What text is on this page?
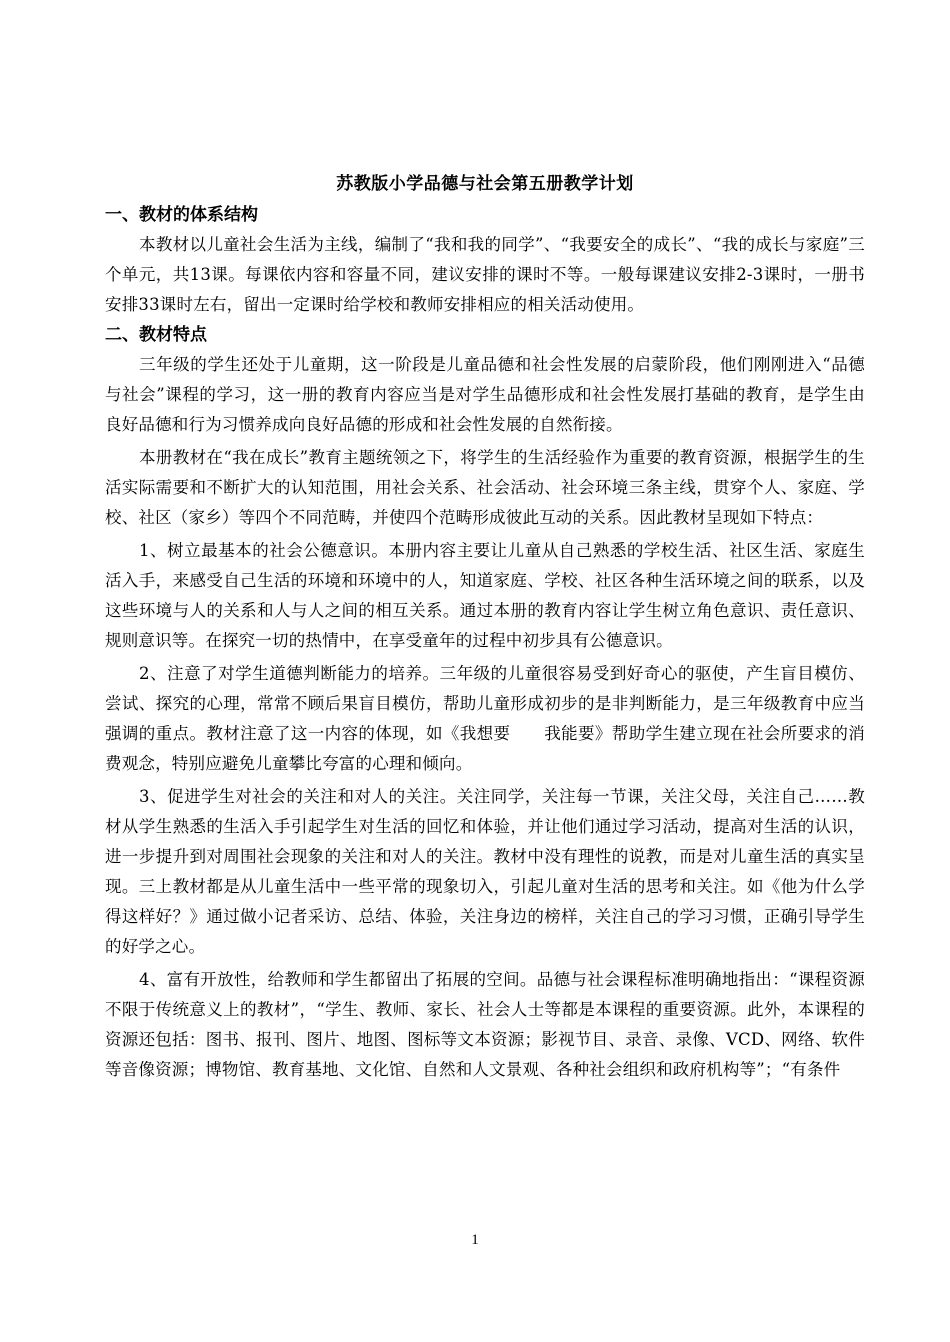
苏教版小学品德与社会第五册教学计划
一、教材的体系结构

本教材以儿童社会生活为主线，编制了“我和我的同学”、“我要安全的成长”、“我的成长与家庭”三个单元，共13课。每课依内容和容量不同，建议安排的课时不等。一般每课建议安排2-3课时，一册书安排33课时左右，留出一定课时给学校和教师安排相应的相关活动使用。

二、教材特点

三年级的学生还处于儿童期，这一阶段是儿童品德和社会性发展的启蒙阶段，他们刚刚进入“品德与社会”课程的学习，这一册的教育内容应当是对学生品德形成和社会性发展打基础的教育，是学生由良好品德和行为习惯养成向良好品德的形成和社会性发展的自然衔接。

本册教材在“我在成长”教育主题统领之下，将学生的生活经验作为重要的教育资源，根据学生的生活实际需要和不断扩大的认知范围，用社会关系、社会活动、社会环境三条主线，贯穿个人、家庭、学校、社区（家乡）等四个不同范畴，并使四个范畴形成彼此互动的关系。因此教材呈现如下特点：

1、树立最基本的社会公德意识。本册内容主要让儿童从自己熟悉的学校生活、社区生活、家庭生活入手，来感受自己生活的环境和环境中的人，知道家庭、学校、社区各种生活环境之间的联系，以及这些环境与人的关系和人与人之间的相互关系。通过本册的教育内容让学生树立角色意识、责任意识、规则意识等。在探究一切的热情中，在享受童年的过程中初步具有公德意识。

2、注意了对学生道德判断能力的培养。三年级的儿童很容易受到好奇心的驱使，产生盲目模仿、尝试、探究的心理，常常不顾后果盲目模仿，帮助儿童形成初步的是非判断能力，是三年级教育中应当强调的重点。教材注意了这一内容的体现，如《我想要　　我能要》帮助学生建立现在社会所要求的消费观念，特别应避免儿童攀比夸富的心理和倾向。

3、促进学生对社会的关注和对人的关注。关注同学，关注每一节课，关注父母，关注自己……教材从学生熟悉的生活入手引起学生对生活的回忆和体验，并让他们通过学习活动，提高对生活的认识，进一步提升到对周围社会现象的关注和对人的关注。教材中没有理性的说教，而是对儿童生活的真实呈现。三上教材都是从儿童生活中一些平常的现象切入，引起儿童对生活的思考和关注。如《他为什么学得这样好？》通过做小记者采访、总结、体验，关注身边的榜样，关注自己的学习习惯，正确引导学生的好学之心。

4、富有开放性，给教师和学生都留出了拓展的空间。品德与社会课程标准明确地指出：“课程资源不限于传统意义上的教材”，“学生、教师、家长、社会人士等都是本课程的重要资源。此外，本课程的资源还包括：图书、报刊、图片、地图、图标等文本资源；影视节目、录音、录像、VCD、网络、软件等音像资源；博物馆、教育基地、文化馆、自然和人文景观、各种社会组织和政府机构等”；“有条件

1
